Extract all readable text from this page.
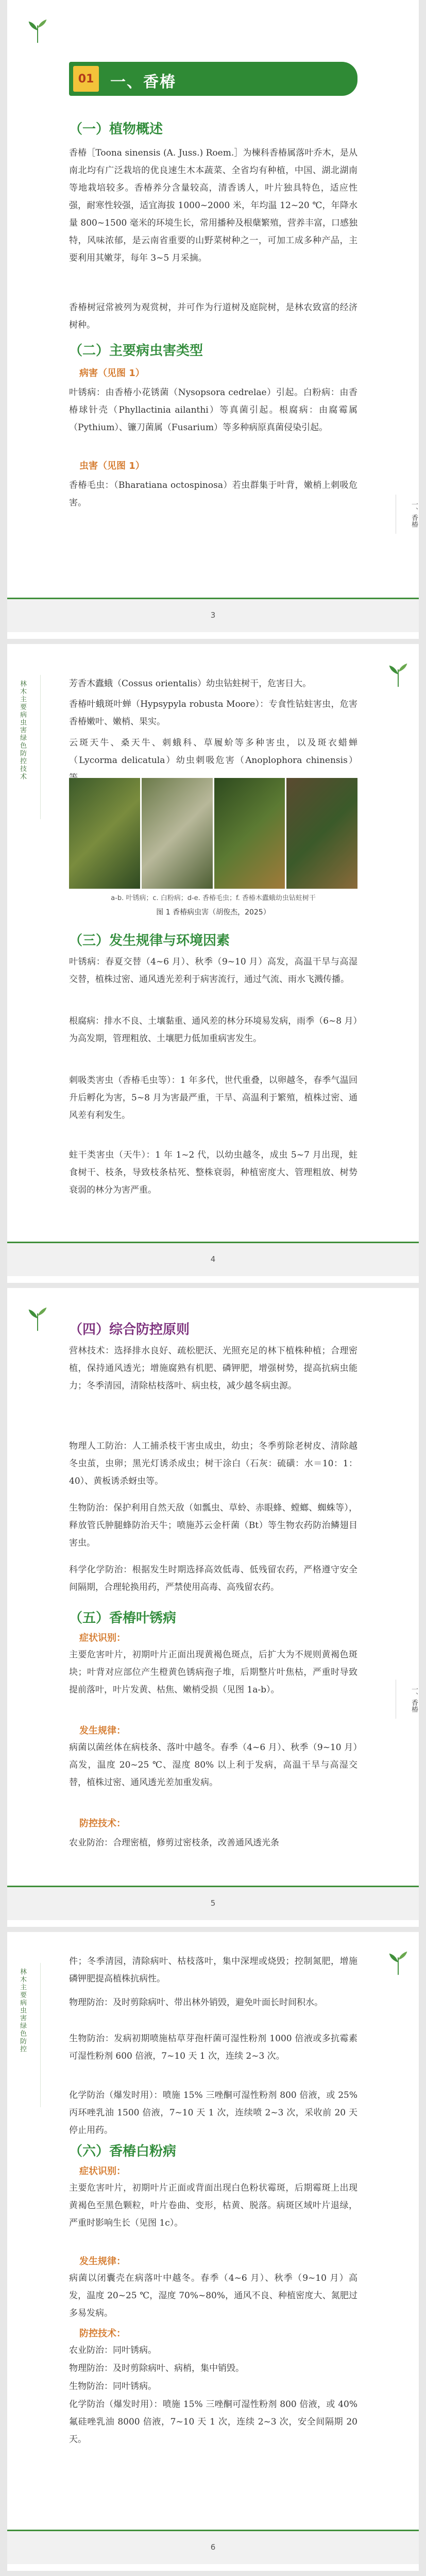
01	一、香椿
（一）植物概述
香椿［Toona sinensis (A. Juss.) Roem.］为楝科香椿属落叶乔木，是从南北均有广泛栽培的优良速生木本蔬菜、全省均有种植，中国、湖北湖南等地栽培较多。香椿养分含量较高，清香诱人，叶片独具特色，适应性强，耐寒性较强，适宜海拔 1000~2000 米，年均温 12~20 ℃，年降水量 800~1500 毫米的环境生长，常用播种及根蘖繁殖，营养丰富，口感独特，风味浓郁，是云南省重要的山野菜树种之一，可加工成多种产品，主要利用其嫩芽，每年 3~5 月采摘。
香椿树冠常被列为观赏树，并可作为行道树及庭院树，是林农致富的经济树种。
（二）主要病虫害类型
病害（见图 1）
叶锈病：由香椿小花锈菌（Nysopsora cedrelae）引起。白粉病：由香椿球针壳（Phyllactinia ailanthi）等真菌引起。根腐病：由腐霉属（Pythium）、镰刀菌属（Fusarium）等多种病原真菌侵染引起。
虫害（见图 1）
香椿毛虫：（Bharatiana octospinosa）若虫群集于叶背，嫩梢上刺吸危害。	一、香椿
3
林木主要病虫害绿色防控技术	芳香木蠹蛾（Cossus orientalis）幼虫钻蛀树干，危害日大。
香椿叶蛾斑叶蝉（Hypsypyla robusta Moore）：专食性钻蛀害虫，危害香椿嫩叶、嫩梢、果实。
云斑天牛、桑天牛、刺蛾科、草履蚧等多种害虫，以及斑衣蜡蝉（Lycorma delicatula）幼虫刺吸危害（Anoplophora chinensis）
a-b. 叶锈病；c. 白粉病；d-e. 香椿毛虫；f. 香椿木蠹蛾幼虫钻蛀树干
图 1 香椿病虫害（胡俊杰，2025）
（三）发生规律与环境因素
叶锈病：春夏交替（4~6 月）、秋季（9~10 月）高发，高温干旱与高湿交替，植株过密、通风透光差利于病害流行，通过气流、雨水飞溅传播。
根腐病：排水不良、土壤黏重、通风差的林分环境易发病，雨季（6~8 月）为高发期，管理粗放、土壤肥力低加重病害发生。
刺吸类害虫（香椿毛虫等）：1 年多代，世代重叠，以卵越冬，春季气温回升后孵化为害，5~8 月为害最严重，干旱、高温利于繁殖，植株过密、通风差有利发生。
蛀干类害虫（天牛）：1 年 1~2 代，以幼虫越冬，成虫 5~7 月出现，蛀食树干、枝条，导致枝条枯死、整株衰弱，种植密度大、管理粗放、树势衰弱的林分为害严重。
4
（四）综合防控原则
营林技术：选择排水良好、疏松肥沃、光照充足的林下植株种植；合理密植，保持通风透光；增施腐熟有机肥、磷钾肥，增强树势，提高抗病虫能力；冬季清园，清除枯枝落叶、病虫枝，减少越冬病虫源。
物理人工防治：人工捕杀枝干害虫成虫，幼虫；冬季剪除老树皮、清除越冬虫茧，虫卵；黑光灯诱杀成虫；树干涂白（石灰：硫磺：水＝10：1：40）、黄板诱杀蚜虫等。
生物防治：保护利用自然天敌（如瓢虫、草蛉、赤眼蜂、螳螂、蜘蛛等），释放管氏肿腿蜂防治天牛；喷施苏云金杆菌（Bt）等生物农药防治鳞翅目害虫。
科学化学防治：根据发生时期选择高效低毒、低残留农药，严格遵守安全间隔期，合理轮换用药，严禁使用高毒、高残留农药。
（五）香椿叶锈病
症状识别：
主要危害叶片，初期叶片正面出现黄褐色斑点，后扩大为不规则黄褐色斑块；叶背对应部位产生橙黄色锈病孢子堆，后期整片叶焦枯，严重时导致提前落叶，叶片发黄、枯焦、嫩梢受损（见图 1a-b）。
发生规律：
病菌以菌丝体在病枝条、落叶中越冬。春季（4~6 月）、秋季（9~10 月）高发，温度 20~25 ℃、湿度 80% 以上利于发病，高温干旱与高湿交替，植株过密、通风透光差加重发病。
防控技术：
农业防治：合理密植，修剪过密枝条，改善通风透光条
一、香椿
5
林木主要病虫害绿色防控
件；冬季清园，清除病叶、枯枝落叶，集中深埋或烧毁；控制氮肥，增施磷钾肥提高植株抗病性。
物理防治：及时剪除病叶、带出林外销毁，避免叶面长时间积水。
生物防治：发病初期喷施枯草芽孢杆菌可湿性粉剂 1000 倍液或多抗霉素可湿性粉剂 600 倍液，7~10 天 1 次，连续 2~3 次。
化学防治（爆发时用）：喷施 15% 三唑酮可湿性粉剂 800 倍液，或 25% 丙环唑乳油 1500 倍液，7~10 天 1 次，连续喷 2~3 次，采收前 20 天停止用药。
（六）香椿白粉病
症状识别：
主要危害叶片，初期叶片正面或背面出现白色粉状霉斑，后期霉斑上出现黄褐色至黑色颗粒，叶片卷曲、变形，枯黄、脱落。病斑区域叶片退绿，严重时影响生长（见图 1c）。
发生规律：
病菌以闭囊壳在病落叶中越冬。春季（4~6 月）、秋季（9~10 月）高发，温度 20~25 ℃，湿度 70%~80%，通风不良、种植密度大、氮肥过多易发病。
防控技术：
农业防治：同叶锈病。
物理防治：及时剪除病叶、病梢，集中销毁。
生物防治：同叶锈病。
化学防治（爆发时用）：喷施 15% 三唑酮可湿性粉剂 800 倍液，或 40% 氟硅唑乳油 8000 倍液，7~10 天 1 次，连续 2~3 次，安全间隔期 20 天。
6
